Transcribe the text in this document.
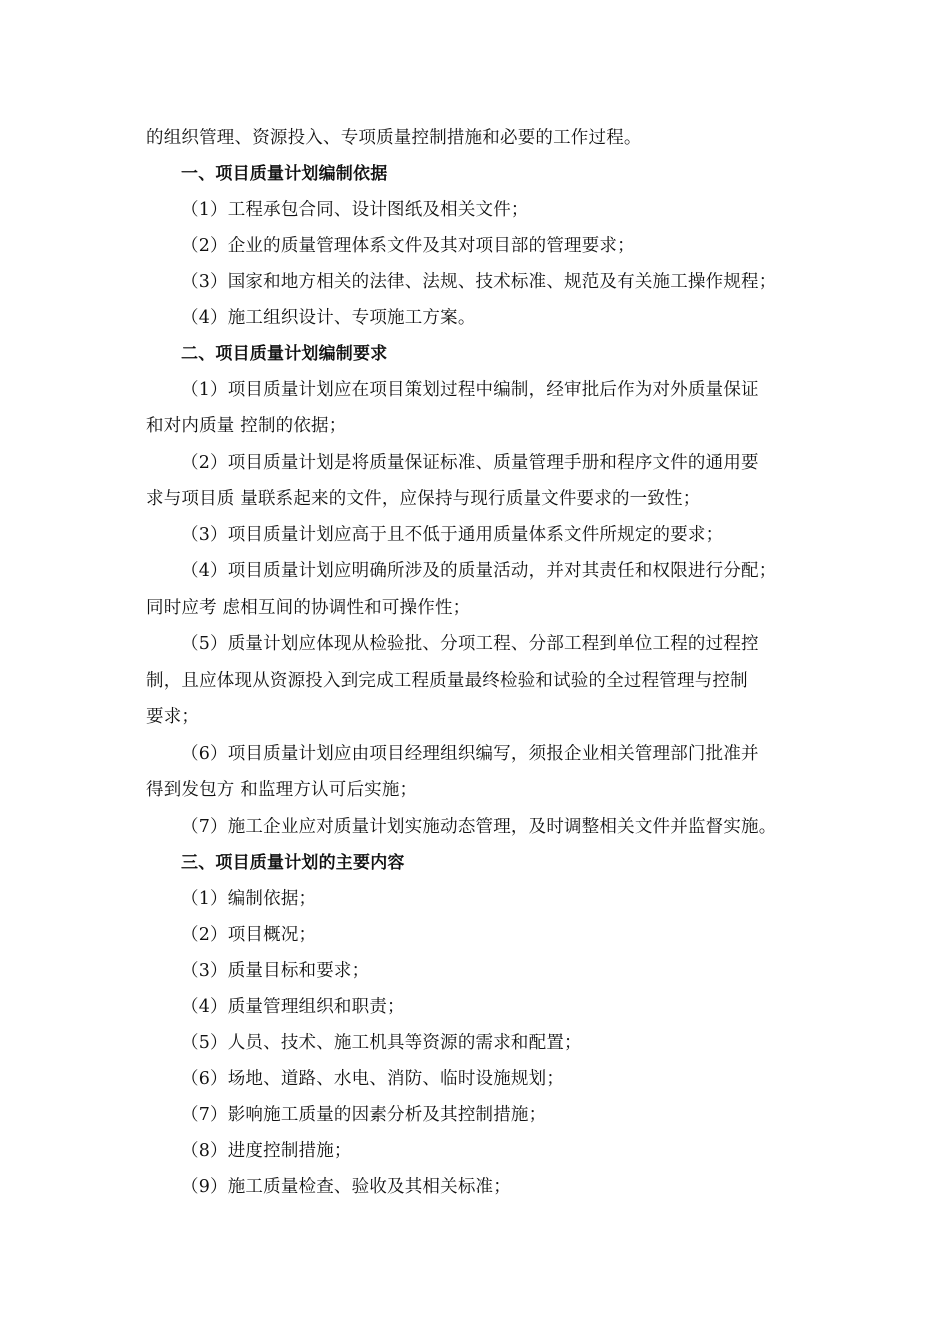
的组织管理、资源投入、专项质量控制措施和必要的工作过程。
一、项目质量计划编制依据
（1）工程承包合同、设计图纸及相关文件；
（2）企业的质量管理体系文件及其对项目部的管理要求；
（3）国家和地方相关的法律、法规、技术标准、规范及有关施工操作规程；
（4）施工组织设计、专项施工方案。
二、项目质量计划编制要求
（1）项目质量计划应在项目策划过程中编制，经审批后作为对外质量保证
和对内质量 控制的依据；
（2）项目质量计划是将质量保证标准、质量管理手册和程序文件的通用要
求与项目质 量联系起来的文件，应保持与现行质量文件要求的一致性；
（3）项目质量计划应高于且不低于通用质量体系文件所规定的要求；
（4）项目质量计划应明确所涉及的质量活动，并对其责任和权限进行分配；
同时应考 虑相互间的协调性和可操作性；
（5）质量计划应体现从检验批、分项工程、分部工程到单位工程的过程控
制，且应体现从资源投入到完成工程质量最终检验和试验的全过程管理与控制
要求；
（6）项目质量计划应由项目经理组织编写，须报企业相关管理部门批准并
得到发包方 和监理方认可后实施；
（7）施工企业应对质量计划实施动态管理，及时调整相关文件并监督实施。
三、项目质量计划的主要内容
（1）编制依据；
（2）项目概况；
（3）质量目标和要求；
（4）质量管理组织和职责；
（5）人员、技术、施工机具等资源的需求和配置；
（6）场地、道路、水电、消防、临时设施规划；
（7）影响施工质量的因素分析及其控制措施；
（8）进度控制措施；
（9）施工质量检查、验收及其相关标准；
